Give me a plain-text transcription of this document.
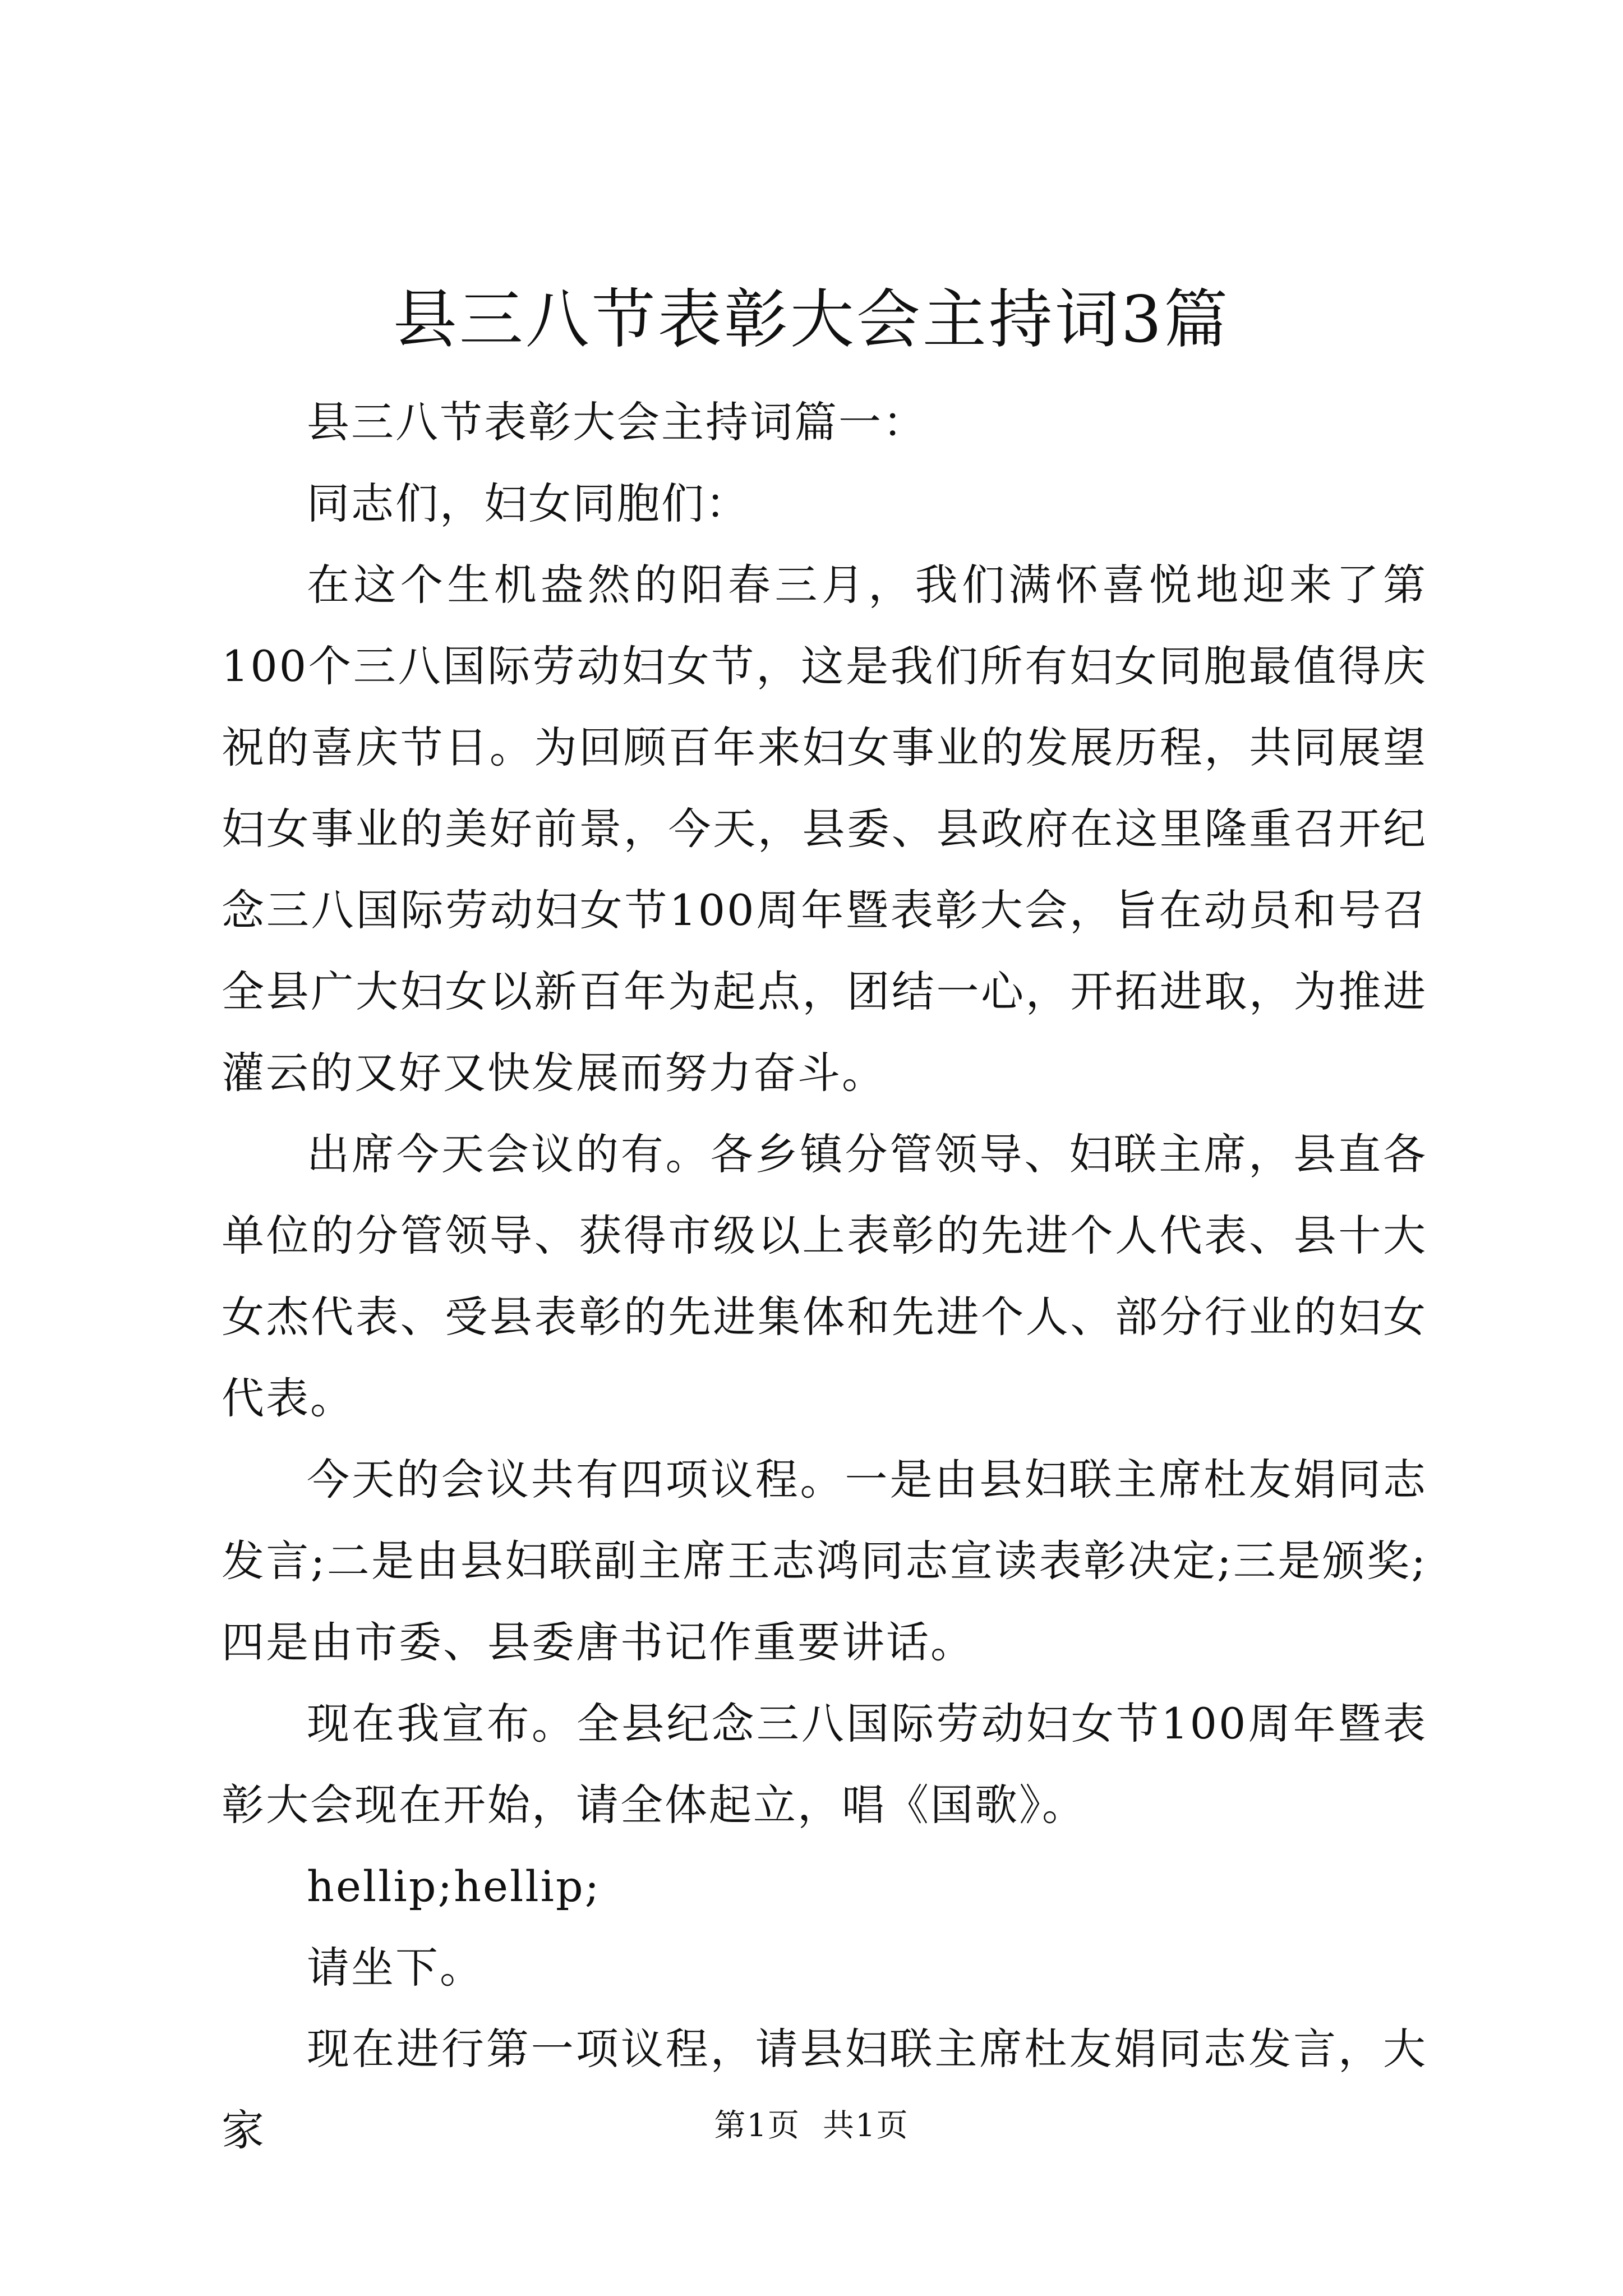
县三八节表彰大会主持词3篇

县三八节表彰大会主持词篇一：

同志们，妇女同胞们：

在这个生机盎然的阳春三月，我们满怀喜悦地迎来了第100个三八国际劳动妇女节，这是我们所有妇女同胞最值得庆祝的喜庆节日。为回顾百年来妇女事业的发展历程，共同展望妇女事业的美好前景，今天，县委、县政府在这里隆重召开纪念三八国际劳动妇女节100周年暨表彰大会，旨在动员和号召全县广大妇女以新百年为起点，团结一心，开拓进取，为推进灌云的又好又快发展而努力奋斗。

出席今天会议的有。各乡镇分管领导、妇联主席，县直各单位的分管领导、获得市级以上表彰的先进个人代表、县十大女杰代表、受县表彰的先进集体和先进个人、部分行业的妇女代表。

今天的会议共有四项议程。一是由县妇联主席杜友娟同志发言;二是由县妇联副主席王志鸿同志宣读表彰决定;三是颁奖;四是由市委、县委唐书记作重要讲话。

现在我宣布。全县纪念三八国际劳动妇女节100周年暨表彰大会现在开始，请全体起立，唱《国歌》。

hellip;hellip;

请坐下。

现在进行第一项议程，请县妇联主席杜友娟同志发言，大家	第1页 共1页
